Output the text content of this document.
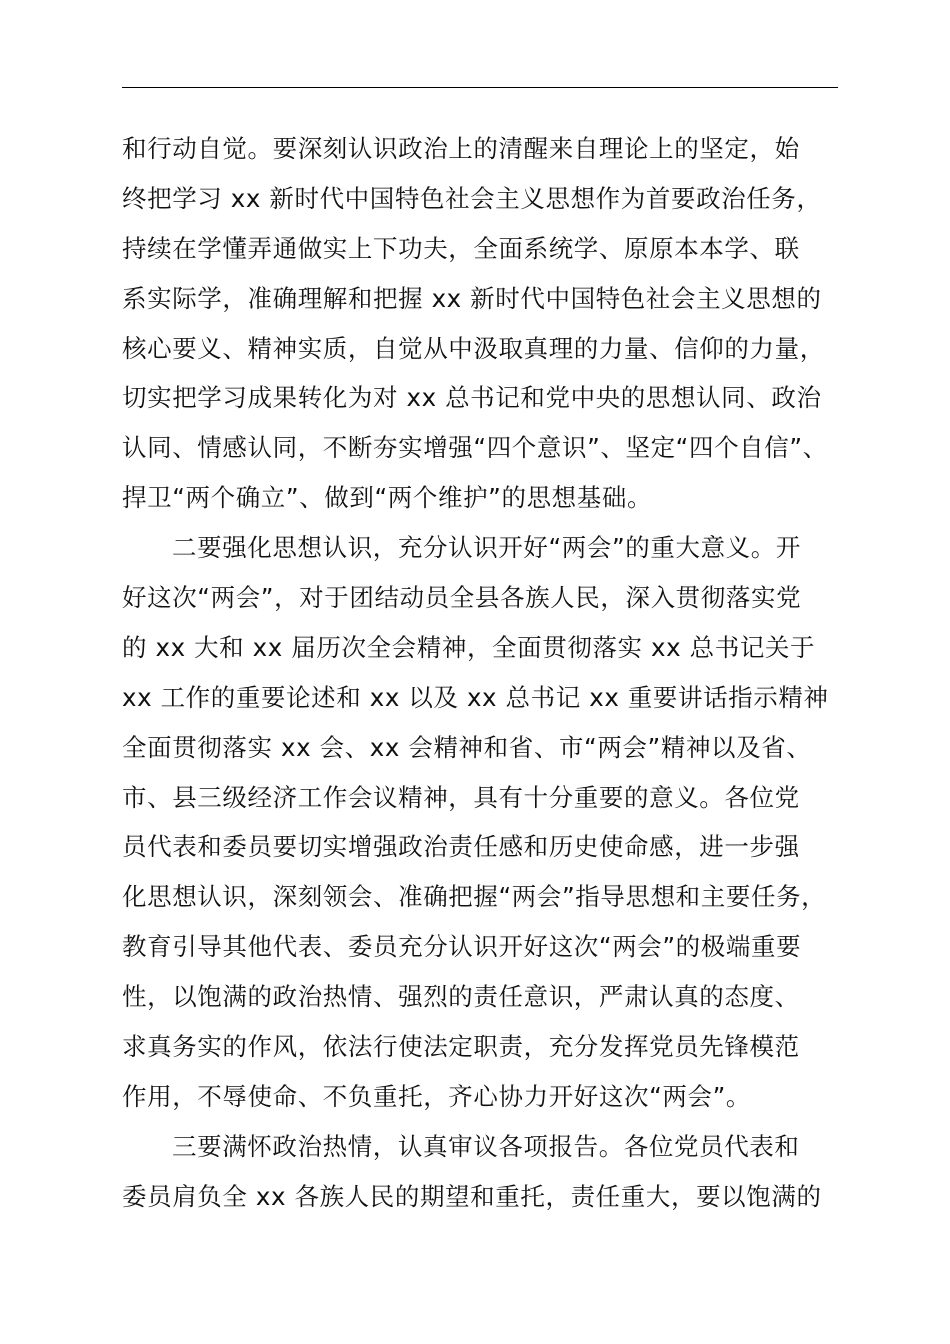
和行动自觉。要深刻认识政治上的清醒来自理论上的坚定，始
终把学习 xx 新时代中国特色社会主义思想作为首要政治任务，
持续在学懂弄通做实上下功夫，全面系统学、原原本本学、联
系实际学，准确理解和把握 xx 新时代中国特色社会主义思想的
核心要义、精神实质，自觉从中汲取真理的力量、信仰的力量，
切实把学习成果转化为对 xx 总书记和党中央的思想认同、政治
认同、情感认同，不断夯实增强“四个意识”、坚定“四个自信”、
捍卫“两个确立”、做到“两个维护”的思想基础。
二要强化思想认识，充分认识开好“两会”的重大意义。开
好这次“两会”，对于团结动员全县各族人民，深入贯彻落实党
的 xx 大和 xx 届历次全会精神，全面贯彻落实 xx 总书记关于
xx 工作的重要论述和 xx 以及 xx 总书记 xx 重要讲话指示精神
全面贯彻落实 xx 会、xx 会精神和省、市“两会”精神以及省、
市、县三级经济工作会议精神，具有十分重要的意义。各位党
员代表和委员要切实增强政治责任感和历史使命感，进一步强
化思想认识，深刻领会、准确把握“两会”指导思想和主要任务，
教育引导其他代表、委员充分认识开好这次“两会”的极端重要
性，以饱满的政治热情、强烈的责任意识，严肃认真的态度、
求真务实的作风，依法行使法定职责，充分发挥党员先锋模范
作用，不辱使命、不负重托，齐心协力开好这次“两会”。
三要满怀政治热情，认真审议各项报告。各位党员代表和
委员肩负全 xx 各族人民的期望和重托，责任重大，要以饱满的
